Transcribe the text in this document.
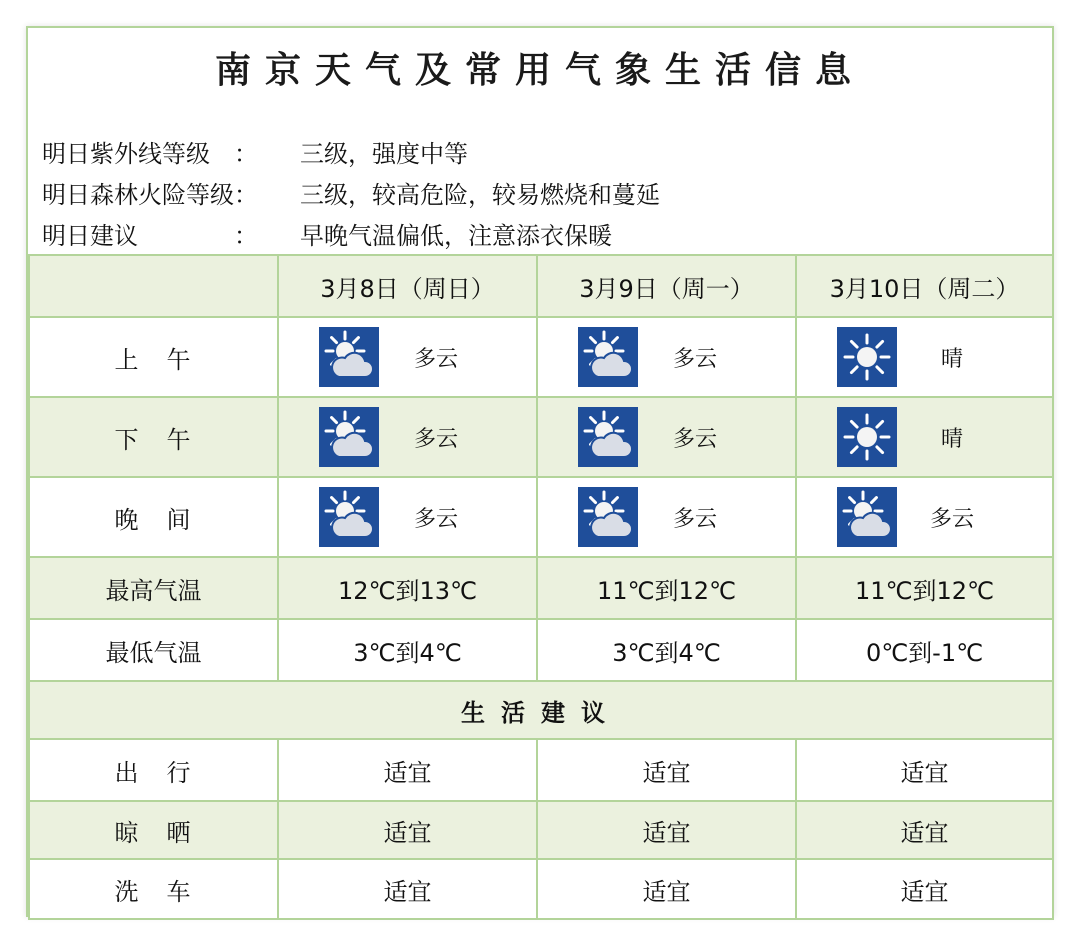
南京天气及常用气象生活信息
明日紫外线等级　： 三级，强度中等
明日森林火险等级： 三级，较高危险，较易燃烧和蔓延
明日建议　　　　： 早晚气温偏低，注意添衣保暖
	3月8日（周日）	3月9日（周一）	3月10日（周二）
上　午	多云	多云	晴

下　午	多云	多云	晴

晚　间	多云	多云	多云

最高气温	12℃到13℃	11℃到12℃	11℃到12℃
最低气温	3℃到4℃	3℃到4℃	0℃到-1℃
生活建议			
出　行	适宜	适宜	适宜
晾　晒	适宜	适宜	适宜
洗　车	适宜	适宜	适宜
